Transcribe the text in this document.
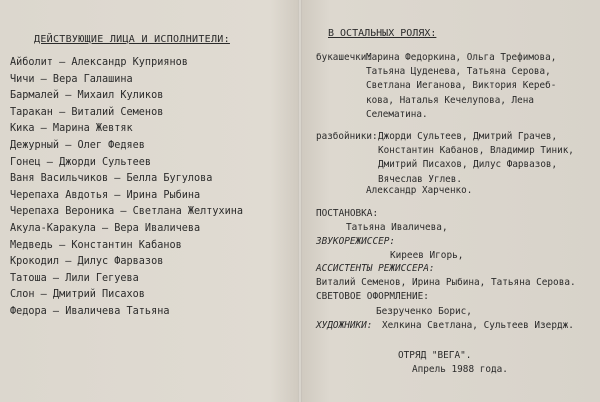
ДЕЙСТВУЮЩИЕ ЛИЦА И ИСПОЛНИТЕЛИ:
Айболит – Александр Куприянов
Чичи – Вера Галашина
Бармалей – Михаил Куликов
Таракан – Виталий Семенов
Кика – Марина Жевтяк
Дежурный – Олег Федяев
Гонец – Джорди Сультеев
Ваня Васильчиков – Белла Бугулова
Черепаха Авдотья – Ирина Рыбина
Черепаха Вероника – Светлана Желтухина
Акула-Каракула – Вера Иваличева
Медведь – Константин Кабанов
Крокодил – Дилус Фарвазов
Татоша – Лили Гегуева
Слон – Дмитрий Писахов
Федора – Иваличева Татьяна
В ОСТАЛЬНЫХ РОЛЯХ:
букашечки:
Марина Федоркина, Ольга Трефимова,
Татьяна Цуденева, Татьяна Серова,
Светлана Иеганова, Виктория Кереб-
кова, Наталья Кечелупова, Лена
Селематина.
разбойники: Джорди Сультеев, Дмитрий Грачев,
Константин Кабанов, Владимир Тиник,
Дмитрий Писахов, Дилус Фарвазов,
Вячеслав Углев.
Александр Харченко.
ПОСТАНОВКА:
Татьяна Иваличева,
ЗВУКОРЕЖИССЕР:
Киреев Игорь,
АССИСТЕНТЫ РЕЖИССЕРА:
Виталий Семенов, Ирина Рыбина, Татьяна Серова.
СВЕТОВОЕ ОФОРМЛЕНИЕ:
Безрученко Борис,
ХУДОЖНИКИ: Хелкина Светлана, Сультеев Изердж.
ОТРЯД "ВЕГА".
Апрель 1988 года.
